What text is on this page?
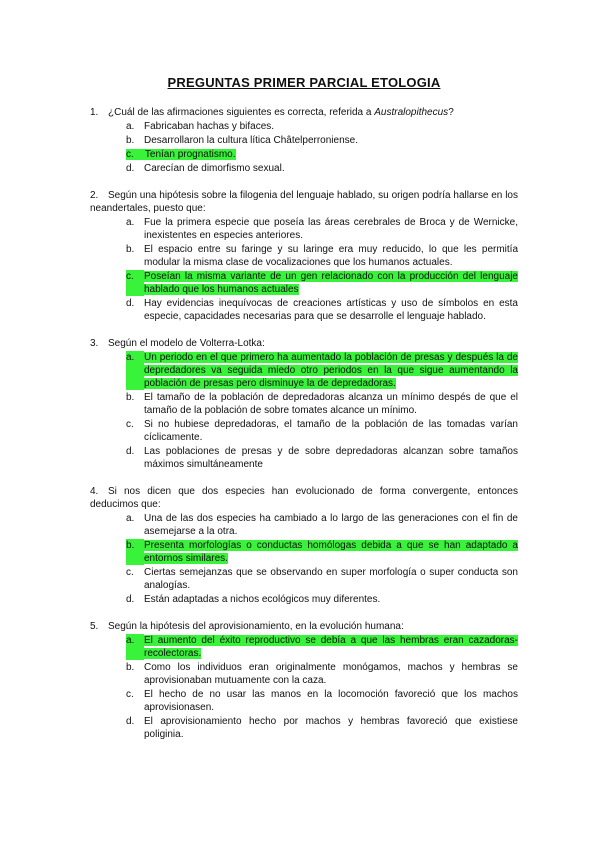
PREGUNTAS PRIMER PARCIAL ETOLOGIA
1. ¿Cuál de las afirmaciones siguientes es correcta, referida a Australopithecus?
a. Fabricaban hachas y bifaces.
b. Desarrollaron la cultura lítica Châtelperroniense.
c. Tenían prognatismo.
d. Carecían de dimorfismo sexual.
2. Según una hipótesis sobre la filogenia del lenguaje hablado, su origen podría hallarse en los neandertales, puesto que:
a. Fue la primera especie que poseía las áreas cerebrales de Broca y de Wernicke, inexistentes en especies anteriores.
b. El espacio entre su faringe y su laringe era muy reducido, lo que les permitía modular la misma clase de vocalizaciones que los humanos actuales.
c.	Poseían la misma variante de un gen relacionado con la producción del lenguaje hablado que los humanos actuales
d. Hay evidencias inequívocas de creaciones artísticas y uso de símbolos en esta especie, capacidades necesarias para que se desarrolle el lenguaje hablado.
3. Según el modelo de Volterra-Lotka:
a. Un periodo en el que primero ha aumentado la población de presas y después la de depredadores va seguida miedo otro periodos en la que sigue aumentando la población de presas pero disminuye la de depredadoras.
b. El tamaño de la población de depredadoras alcanza un mínimo despés de que el tamaño de la población de sobre tomates alcance un mínimo.
c.	Si no hubiese depredadoras, el tamaño de la población de las tomadas varían cíclicamente.
d. Las poblaciones de presas y de sobre depredadoras alcanzan sobre tamaños máximos simultáneamente
4. Si nos dicen que dos especies han evolucionado de forma convergente, entonces deducimos que:
a. Una de las dos especies ha cambiado a lo largo de las generaciones con el fin de asemejarse a la otra.
b. Presenta morfologías o conductas homólogas debida a que se han adaptado a entornos similares.
c.	Ciertas semejanzas que se observando en super morfología o super conducta son analogías.
d. Están adaptadas a nichos ecológicos muy diferentes.
5. Según la hipótesis del aprovisionamiento, en la evolución humana:
a. El aumento del éxito reproductivo se debía a que las hembras eran cazadoras-recolectoras.
b. Como los individuos eran originalmente monógamos, machos y hembras se aprovisionaban mutuamente con la caza.
c.	El hecho de no usar las manos en la locomoción favoreció que los machos aprovisionasen.
d. El aprovisionamiento hecho por machos y hembras favoreció que existiese poliginia.
